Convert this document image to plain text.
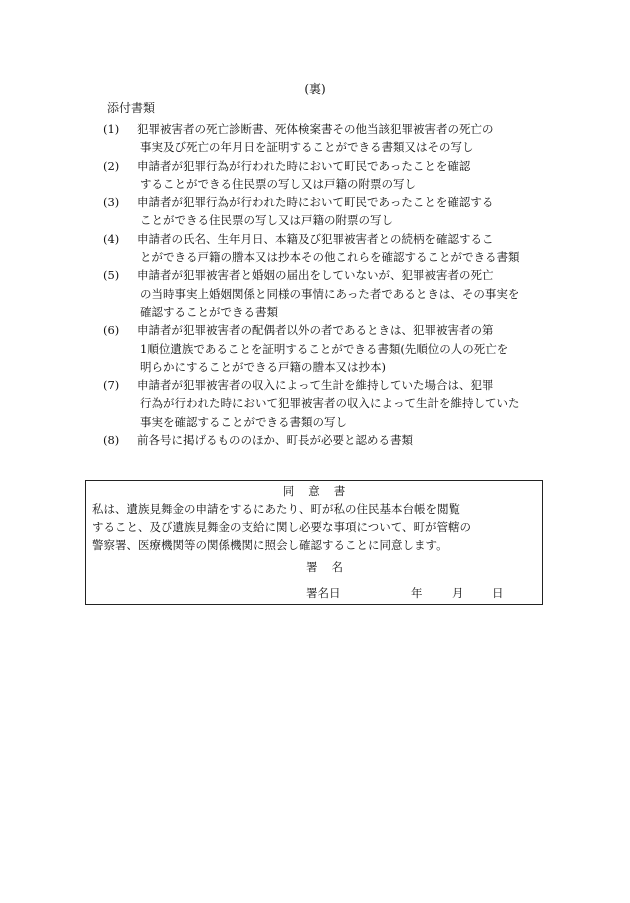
(裏)
添付書類
(1)	犯罪被害者の死亡診断書、死体検案書その他当該犯罪被害者の死亡の
事実及び死亡の年月日を証明することができる書類又はその写し
(2)	申請者が犯罪行為が行われた時において町民であったことを確認
することができる住民票の写し又は戸籍の附票の写し
(3)	申請者が犯罪行為が行われた時において町民であったことを確認する
ことができる住民票の写し又は戸籍の附票の写し
(4)	申請者の氏名、生年月日、本籍及び犯罪被害者との続柄を確認するこ
とができる戸籍の謄本又は抄本その他これらを確認することができる書類
(5)	申請者が犯罪被害者と婚姻の届出をしていないが、犯罪被害者の死亡
の当時事実上婚姻関係と同様の事情にあった者であるときは、その事実を
確認することができる書類
(6)	申請者が犯罪被害者の配偶者以外の者であるときは、犯罪被害者の第
1順位遺族であることを証明することができる書類(先順位の人の死亡を
明らかにすることができる戸籍の謄本又は抄本)
(7)	申請者が犯罪被害者の収入によって生計を維持していた場合は、犯罪
行為が行われた時において犯罪被害者の収入によって生計を維持していた
事実を確認することができる書類の写し
(8)	前各号に掲げるもののほか、町長が必要と認める書類
同意書
私は、遺族見舞金の申請をするにあたり、町が私の住民基本台帳を閲覧
すること、及び遺族見舞金の支給に関し必要な事項について、町が管轄の
警察署、医療機関等の関係機関に照会し確認することに同意します。
署名
署名日	年	月 日
